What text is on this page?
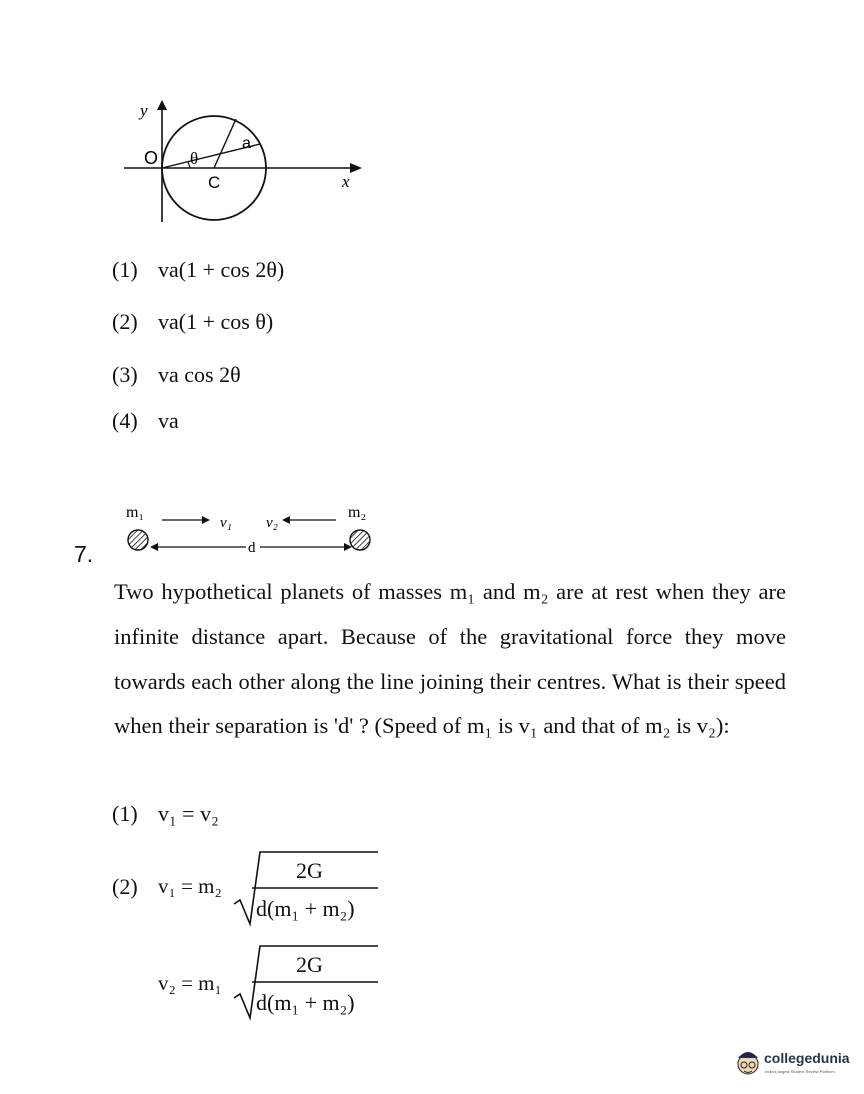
y
x
O θ
C
a
(1) va(1 + cos 2θ)
(2) va(1 + cos θ)
(3) va cos 2θ
(4) va
m₁	m₂
v₁ v₂
d
7.
Two hypothetical planets of masses m₁ and m₂ are at rest when they are infinite distance apart. Because of the gravitational force they move towards each other along the line joining their centres. What is their speed when their separation is 'd' ? (Speed of m₁ is v₁ and that of m₂ is v₂):
(1) v₁ = v₂
(2) v₁ = m₂
2G
d(m₁ + m₂)
v₂ = m₁
2G
d(m₁ + m₂)
collegedunia
India's largest Student Review Platform
